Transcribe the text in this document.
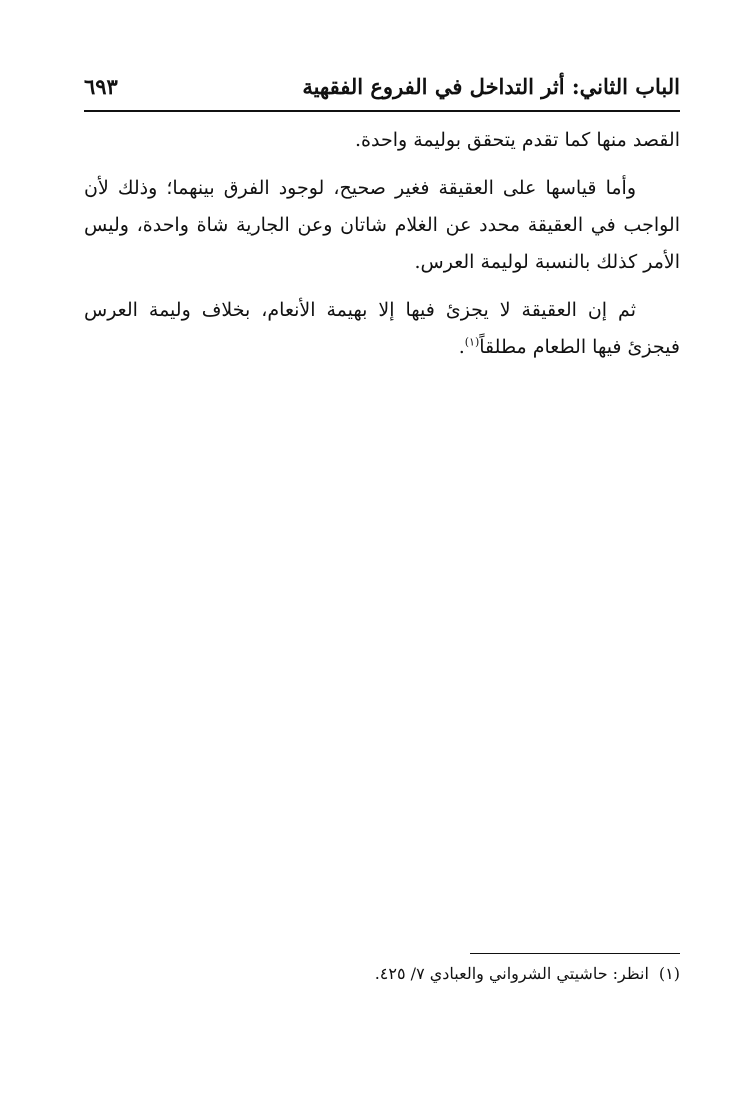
الباب الثاني: أثر التداخل في الفروع الفقهية
٦٩٣

القصد منها كما تقدم يتحقق بوليمة واحدة.

وأما قياسها على العقيقة فغير صحيح، لوجود الفرق بينهما؛ وذلك لأن الواجب في العقيقة محدد عن الغلام شاتان وعن الجارية شاة واحدة، وليس الأمر كذلك بالنسبة لوليمة العرس.

ثم إن العقيقة لا يجزئ فيها إلا بهيمة الأنعام، بخلاف وليمة العرس فيجزئ فيها الطعام مطلقاً$^{(١)}$.

(١)انظر: حاشيتي الشرواني والعبادي ٧/ ٤٢٥.
